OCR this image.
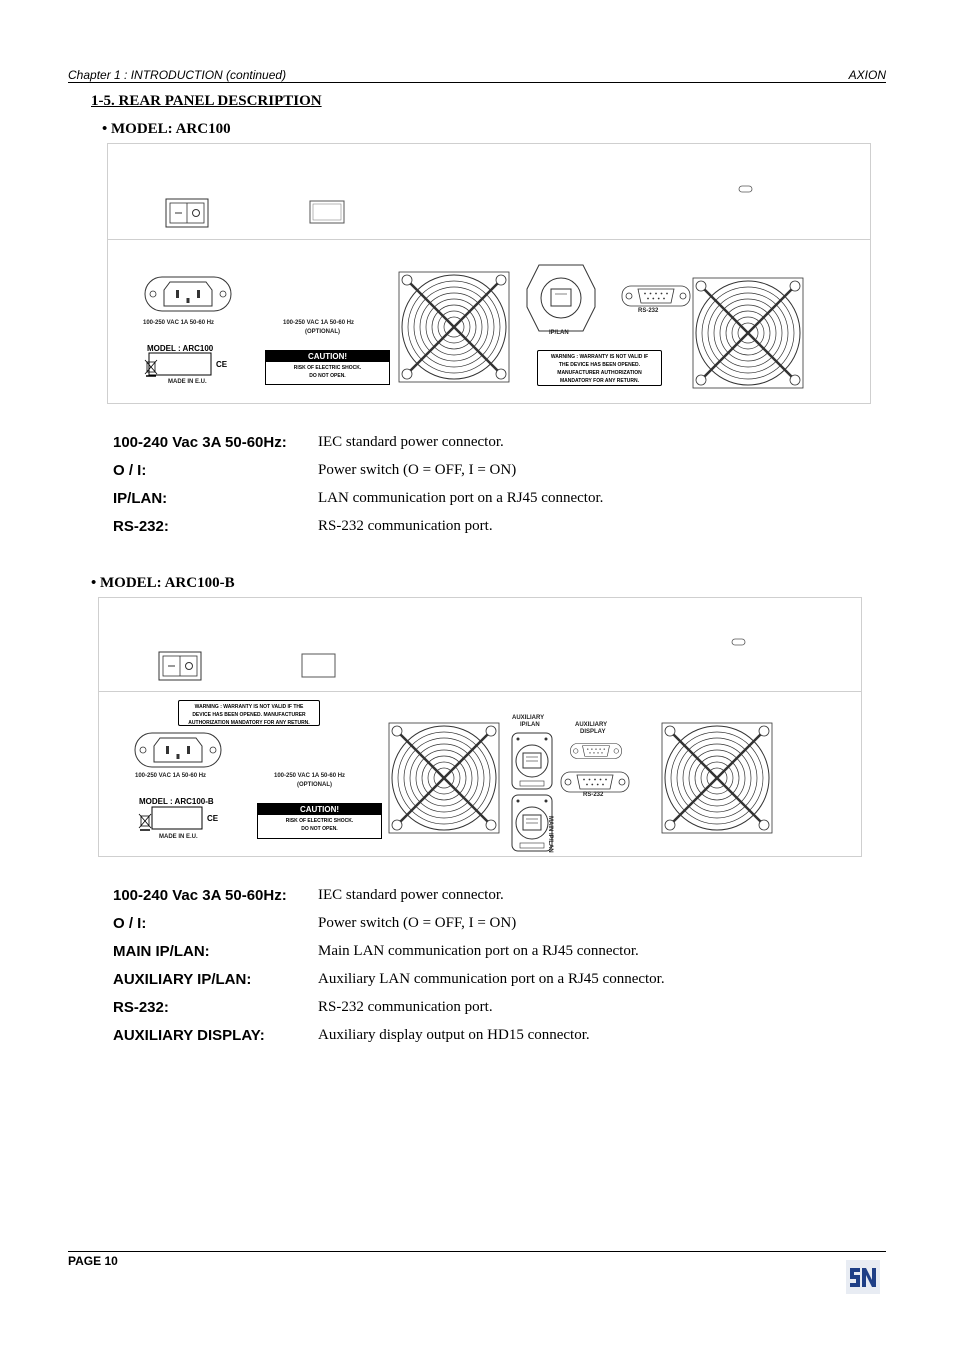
Chapter 1 : INTRODUCTION (continued)	AXION
1-5. REAR PANEL DESCRIPTION
• MODEL: ARC100
100-250 VAC 1A 50-60 Hz	100-250 VAC 1A 50-60 Hz
(OPTIONAL)	IP/LAN
RS-232
MODEL : ARC100
CE
MADE IN E.U.
CAUTION!
RISK OF ELECTRIC SHOCK.
DO NOT OPEN.
WARNING : WARRANTY IS NOT VALID IF
THE DEVICE HAS BEEN OPENED.
MANUFACTURER AUTHORIZATION
MANDATORY FOR ANY RETURN.
100-240 Vac 3A 50-60Hz: IEC standard power connector.
O / I:	Power switch (O = OFF, I = ON)
IP/LAN:	LAN communication port on a RJ45 connector.
RS-232:	RS-232 communication port.
• MODEL: ARC100-B
WARNING : WARRANTY IS NOT VALID IF THE
DEVICE HAS BEEN OPENED. MANUFACTURER
AUTHORIZATION MANDATORY FOR ANY RETURN.
100-250 VAC 1A 50-60 Hz	100-250 VAC 1A 50-60 Hz
(OPTIONAL)
AUXILIARY
IP/LAN	AUXILIARY
DISPLAY
RS-232
MAIN IP/LAN
MODEL : ARC100-B
CE
MADE IN E.U.
CAUTION!
RISK OF ELECTRIC SHOCK.
DO NOT OPEN.
100-240 Vac 3A 50-60Hz: IEC standard power connector.
O / I:	Power switch (O = OFF, I = ON)
MAIN IP/LAN:	Main LAN communication port on a RJ45 connector.
AUXILIARY IP/LAN:	Auxiliary LAN communication port on a RJ45 connector.
RS-232:	RS-232 communication port.
AUXILIARY DISPLAY:	Auxiliary display output on HD15 connector.
PAGE 10
